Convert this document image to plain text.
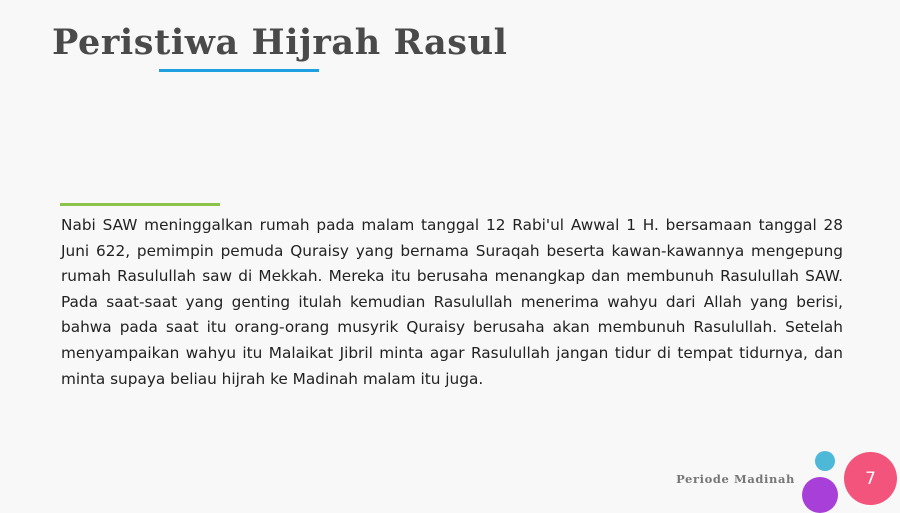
Peristiwa Hijrah Rasul

Nabi SAW meninggalkan rumah pada malam tanggal 12 Rabi'ul Awwal 1 H. bersamaan tanggal 28 Juni 622, pemimpin pemuda Quraisy yang bernama Suraqah beserta kawan-kawannya mengepung rumah Rasulullah saw di Mekkah. Mereka itu berusaha menangkap dan membunuh Rasulullah SAW. Pada saat-saat yang genting itulah kemudian Rasulullah menerima wahyu dari Allah yang berisi, bahwa pada saat itu orang-orang musyrik Quraisy berusaha akan membunuh Rasulullah. Setelah menyampaikan wahyu itu Malaikat Jibril minta agar Rasulullah jangan tidur di tempat tidurnya, dan minta supaya beliau hijrah ke Madinah malam itu juga.

Periode Madinah	7
